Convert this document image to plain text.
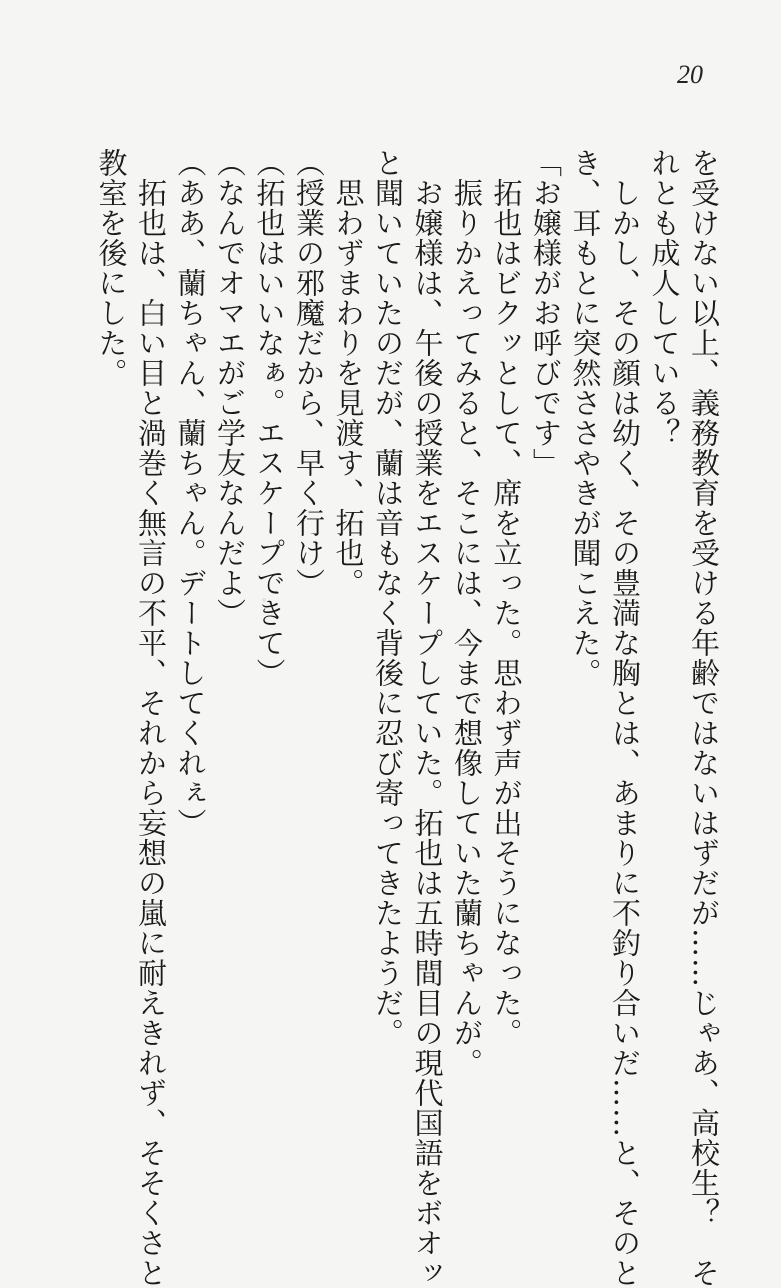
20
を受けない以上、義務教育を受ける年齢ではないはずだが……じゃあ、高校生？　そ
れとも成人している？
　しかし、その顔は幼く、その豊満な胸とは、あまりに不釣り合いだ……と、そのと
き、耳もとに突然ささやきが聞こえた。
「お嬢様がお呼びです」
　拓也はビクッとして、席を立った。思わず声が出そうになった。
　振りかえってみると、そこには、今まで想像していた蘭ちゃんが。
　お嬢様は、午後の授業をエスケープしていた。拓也は五時間目の現代国語をボオッ
と聞いていたのだが、蘭は音もなく背後に忍び寄ってきたようだ。
　思わずまわりを見渡す、拓也。
（授業の邪魔だから、早く行け）
（拓也はいいなぁ。エスケープできて）
（なんでオマエがご学友なんだよ）
（ああ、蘭ちゃん、蘭ちゃん。デートしてくれぇ）
　拓也は、白い目と渦巻く無言の不平、それから妄想の嵐に耐えきれず、そそくさと
教室を後にした。
